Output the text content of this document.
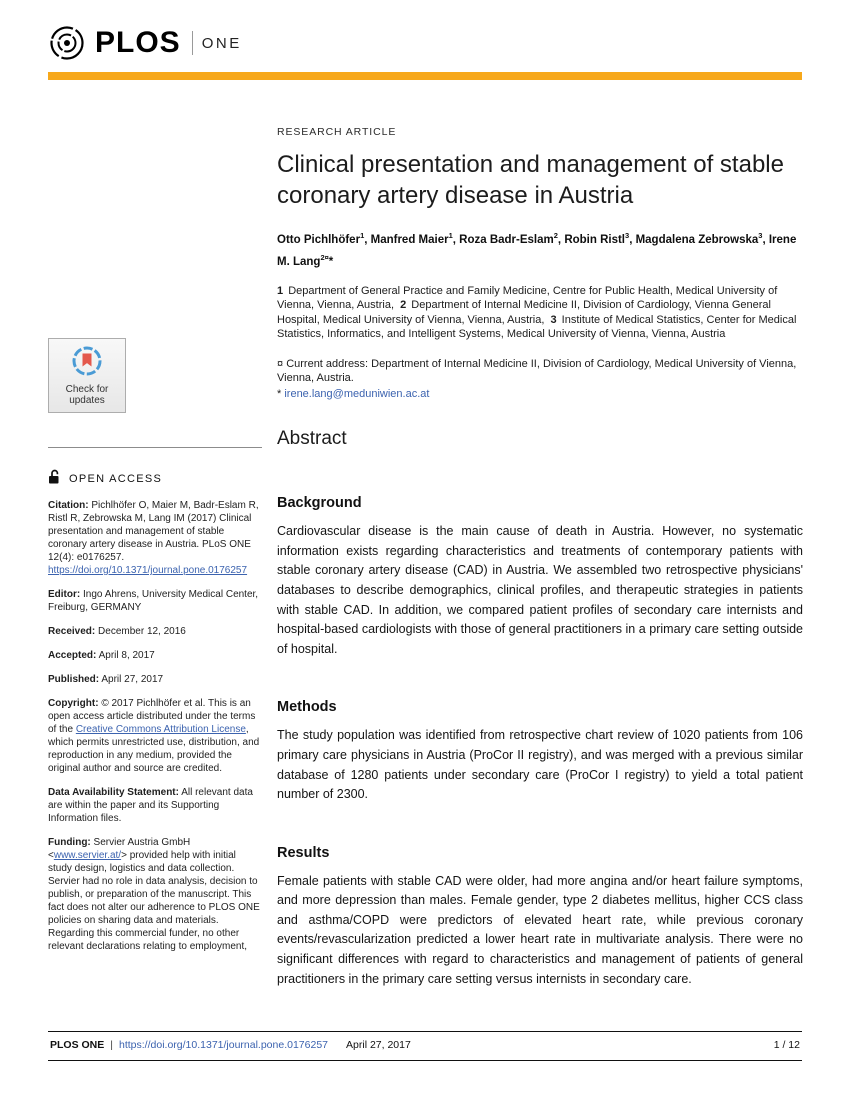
PLOS ONE
Check for
updates
OPEN ACCESS

Citation: Pichlhöfer O, Maier M, Badr-Eslam R, Ristl R, Zebrowska M, Lang IM (2017) Clinical presentation and management of stable coronary artery disease in Austria. PLoS ONE 12(4): e0176257. https://doi.org/10.1371/journal.pone.0176257

Editor: Ingo Ahrens, University Medical Center, Freiburg, GERMANY

Received: December 12, 2016

Accepted: April 8, 2017

Published: April 27, 2017

Copyright: © 2017 Pichlhöfer et al. This is an open access article distributed under the terms of the Creative Commons Attribution License, which permits unrestricted use, distribution, and reproduction in any medium, provided the original author and source are credited.

Data Availability Statement: All relevant data are within the paper and its Supporting Information files.

Funding: Servier Austria GmbH <www.servier.at/> provided help with initial study design, logistics and data collection. Servier had no role in data analysis, decision to publish, or preparation of the manuscript. This fact does not alter our adherence to PLOS ONE policies on sharing data and materials. Regarding this commercial funder, no other relevant declarations relating to employment,

RESEARCH ARTICLE
Clinical presentation and management of stable coronary artery disease in Austria

Otto Pichlhöfer$^1$, Manfred Maier$^1$, Roza Badr-Eslam$^2$, Robin Ristl$^3$, Magdalena Zebrowska$^3$, Irene M. Lang$^{2¤}$*

1 Department of General Practice and Family Medicine, Centre for Public Health, Medical University of Vienna, Vienna, Austria, 2 Department of Internal Medicine II, Division of Cardiology, Vienna General Hospital, Medical University of Vienna, Vienna, Austria, 3 Institute of Medical Statistics, Center for Medical Statistics, Informatics, and Intelligent Systems, Medical University of Vienna, Vienna, Austria

¤ Current address: Department of Internal Medicine II, Division of Cardiology, Medical University of Vienna, Vienna, Austria.
* irene.lang@meduniwien.ac.at
Abstract
Background

Cardiovascular disease is the main cause of death in Austria. However, no systematic information exists regarding characteristics and treatments of contemporary patients with stable coronary artery disease (CAD) in Austria. We assembled two retrospective physicians' databases to describe demographics, clinical profiles, and therapeutic strategies in patients with stable CAD. In addition, we compared patient profiles of secondary care internists and hospital-based cardiologists with those of general practitioners in a primary care setting outside of hospital.

Methods

The study population was identified from retrospective chart review of 1020 patients from 106 primary care physicians in Austria (ProCor II registry), and was merged with a previous similar database of 1280 patients under secondary care (ProCor I registry) to yield a total patient number of 2300.

Results

Female patients with stable CAD were older, had more angina and/or heart failure symptoms, and more depression than males. Female gender, type 2 diabetes mellitus, higher CCS class and asthma/COPD were predictors of elevated heart rate, while previous coronary events/revascularization predicted a lower heart rate in multivariate analysis. There were no significant differences with regard to characteristics and management of patients of general practitioners in the primary care setting versus internists in secondary care.

PLOS ONE | https://doi.org/10.1371/journal.pone.0176257 April 27, 2017	1 / 12
